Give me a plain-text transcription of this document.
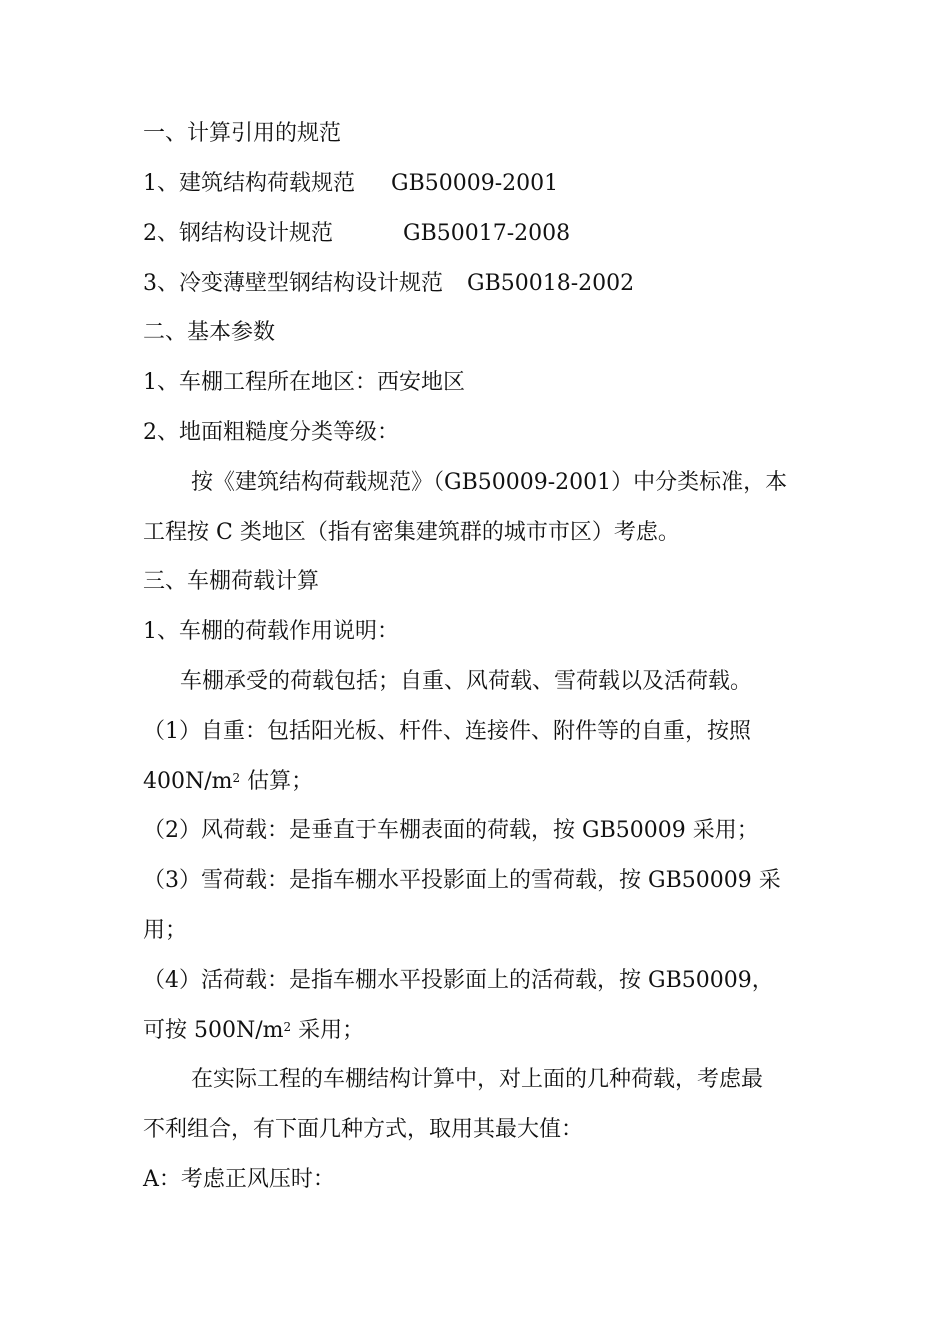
一、计算引用的规范
1、建筑结构荷载规范 GB50009-2001
2、钢结构设计规范	GB50017-2008
3、冷变薄壁型钢结构设计规范 GB50018-2002
二、基本参数
1、车棚工程所在地区：西安地区
2、地面粗糙度分类等级：
按《建筑结构荷载规范》（GB50009-2001）中分类标准，本
工程按 C 类地区（指有密集建筑群的城市市区）考虑。
三、车棚荷载计算
1、车棚的荷载作用说明：
车棚承受的荷载包括；自重、风荷载、雪荷载以及活荷载。
（1）自重：包括阳光板、杆件、连接件、附件等的自重，按照
$400N/m^2$ 估算；
（2）风荷载：是垂直于车棚表面的荷载，按 GB50009 采用；
（3）雪荷载：是指车棚水平投影面上的雪荷载，按 GB50009 采
用；
（4）活荷载：是指车棚水平投影面上的活荷载，按 GB50009，
可按 $500N/m^2$ 采用；
在实际工程的车棚结构计算中，对上面的几种荷载，考虑最
不利组合，有下面几种方式，取用其最大值：
A：考虑正风压时：
